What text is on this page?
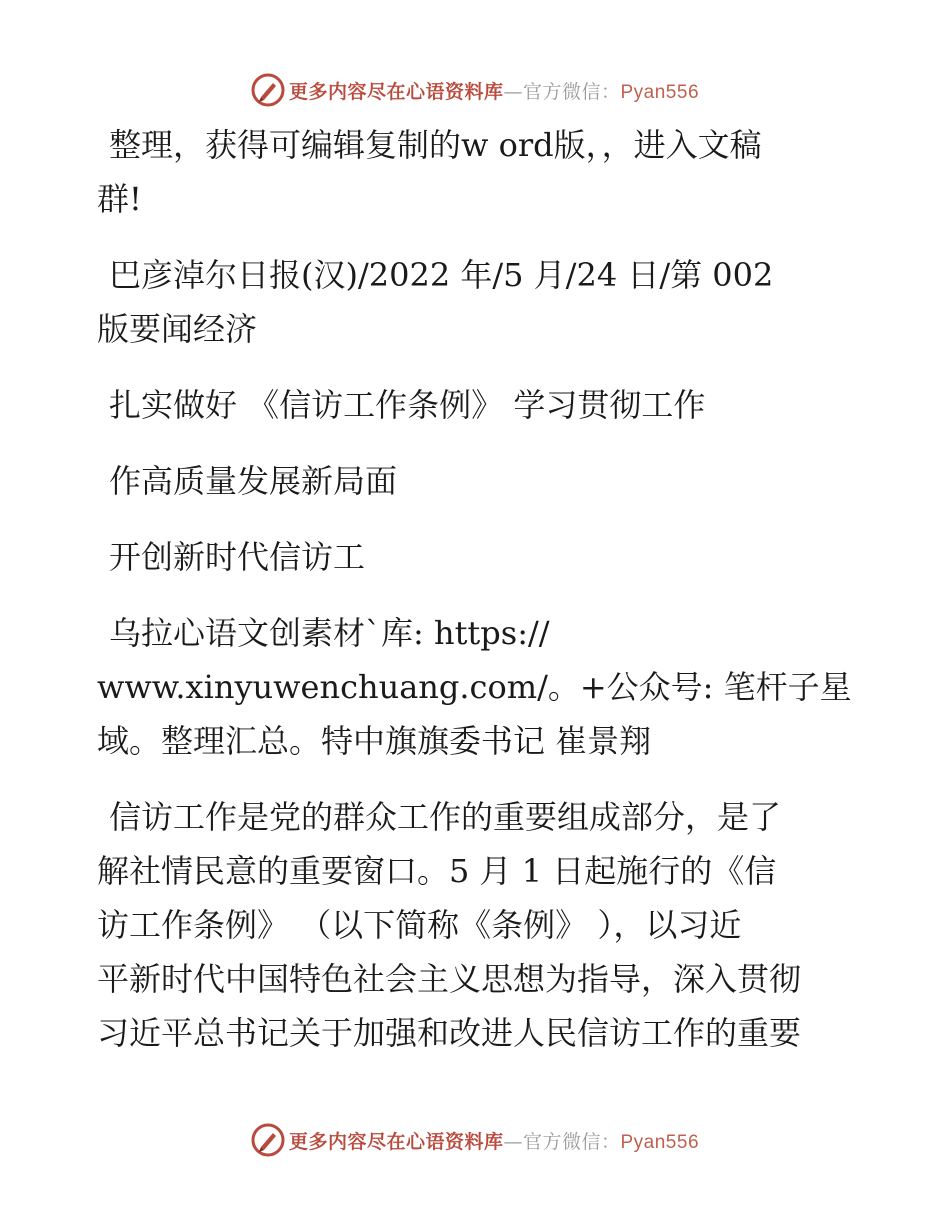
更多内容尽在心语资料库—官方微信：Pyan556
整理，获得可编辑复制的w ord版，，进入文稿
群!
巴彦淖尔日报(汉)/2022 年/5 月/24 日/第 002
版要闻经济
扎实做好 《信访工作条例》 学习贯彻工作
作高质量发展新局面
开创新时代信访工
乌拉心语文创素材`库: https://
www.xinyuwenchuang.com/。+公众号: 笔杆子星
域。整理汇总。特中旗旗委书记 崔景翔
信访工作是党的群众工作的重要组成部分，是了
解社情民意的重要窗口。5 月 1 日起施行的《信
访工作条例》 （以下简称《条例》 ），以习近
平新时代中国特色社会主义思想为指导，深入贯彻
习近平总书记关于加强和改进人民信访工作的重要
更多内容尽在心语资料库—官方微信：Pyan556
